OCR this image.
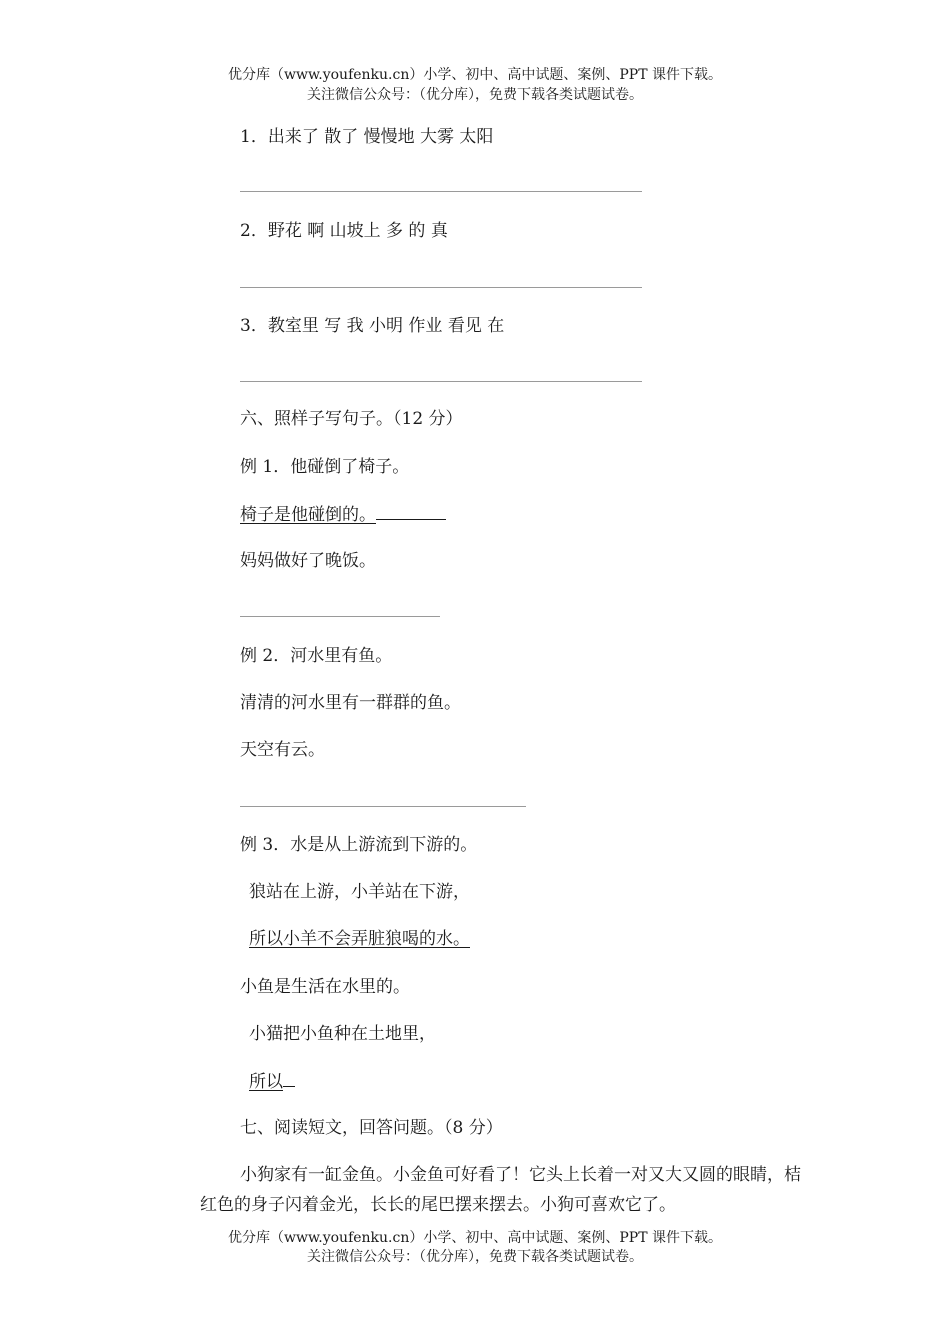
优分库（www.youfenku.cn）小学、初中、高中试题、案例、PPT 课件下载。
关注微信公众号：（优分库），免费下载各类试题试卷。
1．出来了 散了 慢慢地 大雾 太阳
2．野花 啊 山坡上 多 的 真
3．教室里 写 我 小明 作业 看见 在
六、照样子写句子。（12 分）
例 1．他碰倒了椅子。
椅子是他碰倒的。
妈妈做好了晚饭。
例 2．河水里有鱼。
清清的河水里有一群群的鱼。
天空有云。
例 3．水是从上游流到下游的。
狼站在上游，小羊站在下游，
所以小羊不会弄脏狼喝的水。
小鱼是生活在水里的。
小猫把小鱼种在土地里，
所以
七、阅读短文，回答问题。（8 分）
小狗家有一缸金鱼。小金鱼可好看了！它头上长着一对又大又圆的眼睛，桔红色的身子闪着金光，长长的尾巴摆来摆去。小狗可喜欢它了。
优分库（www.youfenku.cn）小学、初中、高中试题、案例、PPT 课件下载。
关注微信公众号：（优分库），免费下载各类试题试卷。
